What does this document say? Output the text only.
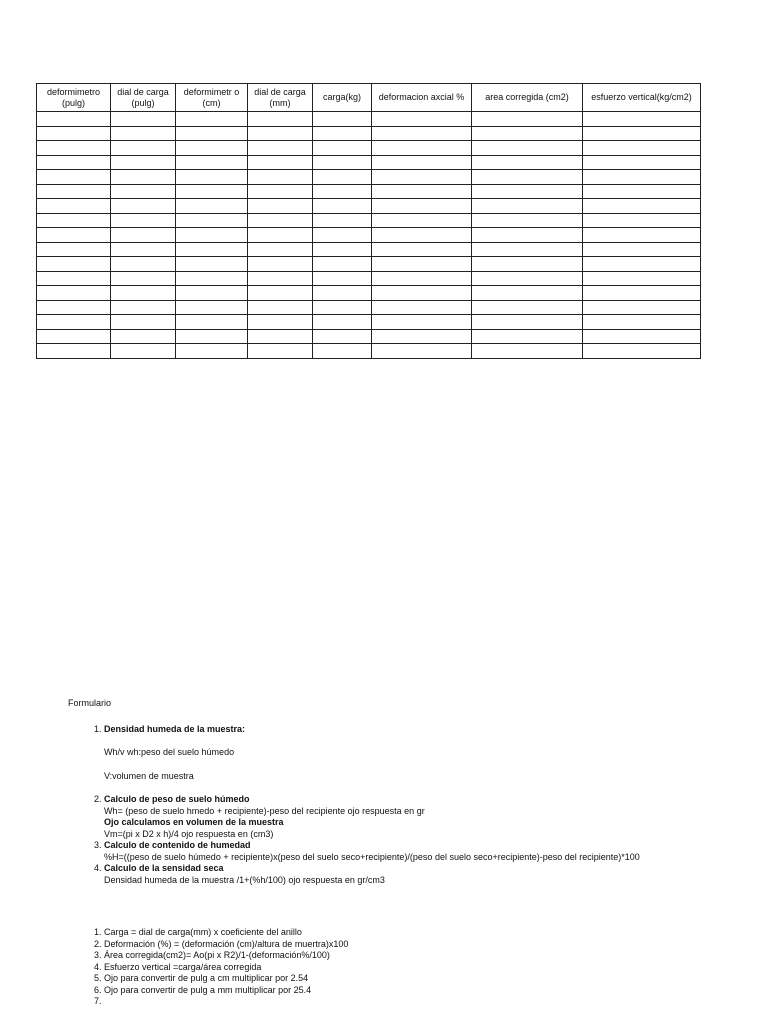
deformimetro (pulg)	dial de carga (pulg)	deformimetr o (cm)	dial de carga (mm)	carga(kg)	deformacion axcial %	area corregida (cm2)	esfuerzo vertical(kg/cm2)

Formulario
1. Densidad humeda de la muestra:
Wh/v wh:peso del suelo húmedo
V:volumen de muestra
2. Calculo de peso de suelo húmedo
Wh= (peso de suelo hmedo + recipiente)-peso del recipiente ojo respuesta en gr
Ojo calculamos en volumen de la muestra
Vm=(pi x D2 x h)/4 ojo respuesta en (cm3)
3. Calculo de contenido de humedad
%H=((peso de suelo húmedo + recipiente)x(peso del suelo seco+recipiente)/(peso del suelo seco+recipiente)-peso del recipiente)*100
4. Calculo de la sensidad seca
Densidad humeda de la muestra /1+(%h/100) ojo respuesta en gr/cm3
1. Carga = dial de carga(mm) x coeficiente del anillo
2. Deformación (%) = (deformación (cm)/altura de muertra)x100
3. Área corregida(cm2)= Ao(pi x R2)/1-(deformación%/100)
4. Esfuerzo vertical =carga/área corregida
5. Ojo para convertir de pulg a cm multiplicar por 2.54
6. Ojo para convertir de pulg a mm multiplicar por 25.4
7.
